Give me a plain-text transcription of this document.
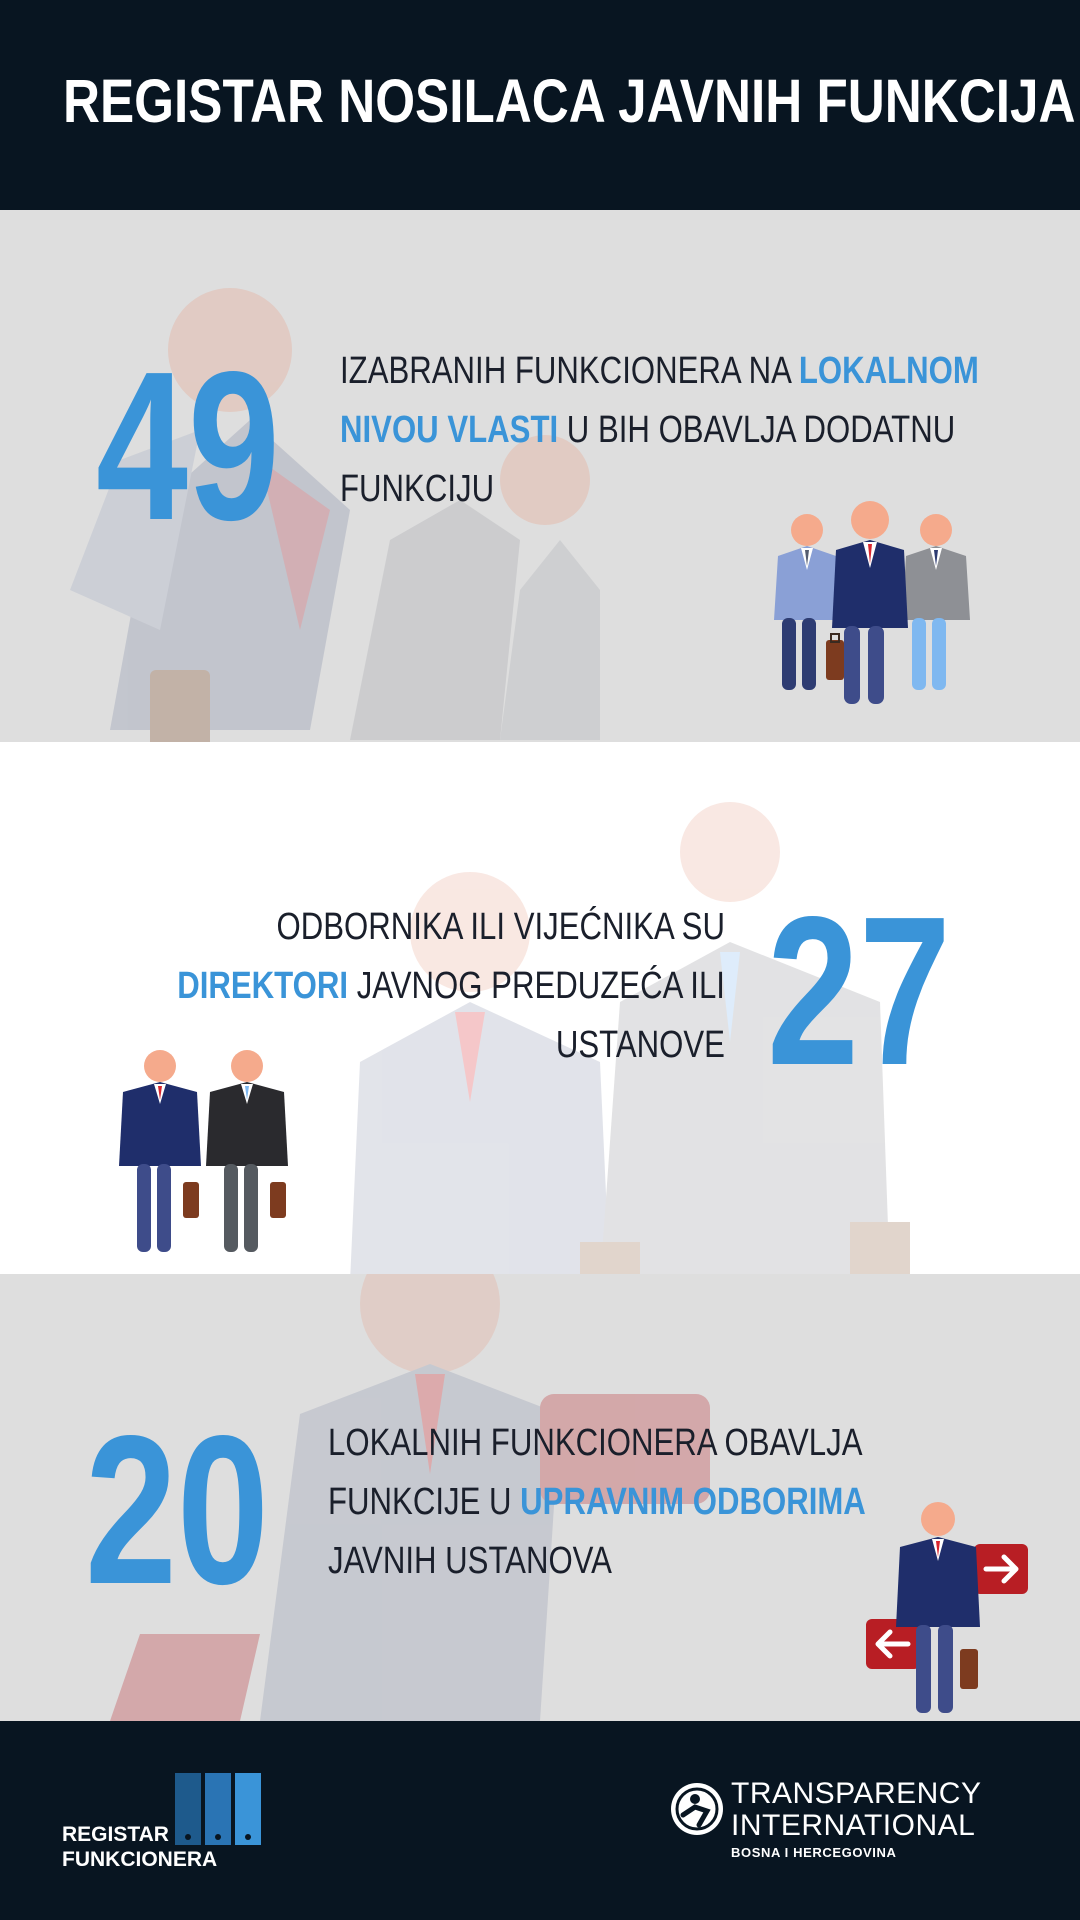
REGISTAR NOSILACA JAVNIH FUNKCIJA
49 IZABRANIH FUNKCIONERA NA LOKALNOM
NIVOU VLASTI U BIH OBAVLJA DODATNU
FUNKCIJU
ODBORNIKA ILI VIJEĆNIKA SU
DIREKTORI JAVNOG PREDUZEĆA ILI
USTANOVE 27
20 LOKALNIH FUNKCIONERA OBAVLJA
FUNKCIJE U UPRAVNIM ODBORIMA
JAVNIH USTANOVA
REGISTAR
FUNKCIONERA
TRANSPARENCY
INTERNATIONAL
BOSNA I HERCEGOVINA
